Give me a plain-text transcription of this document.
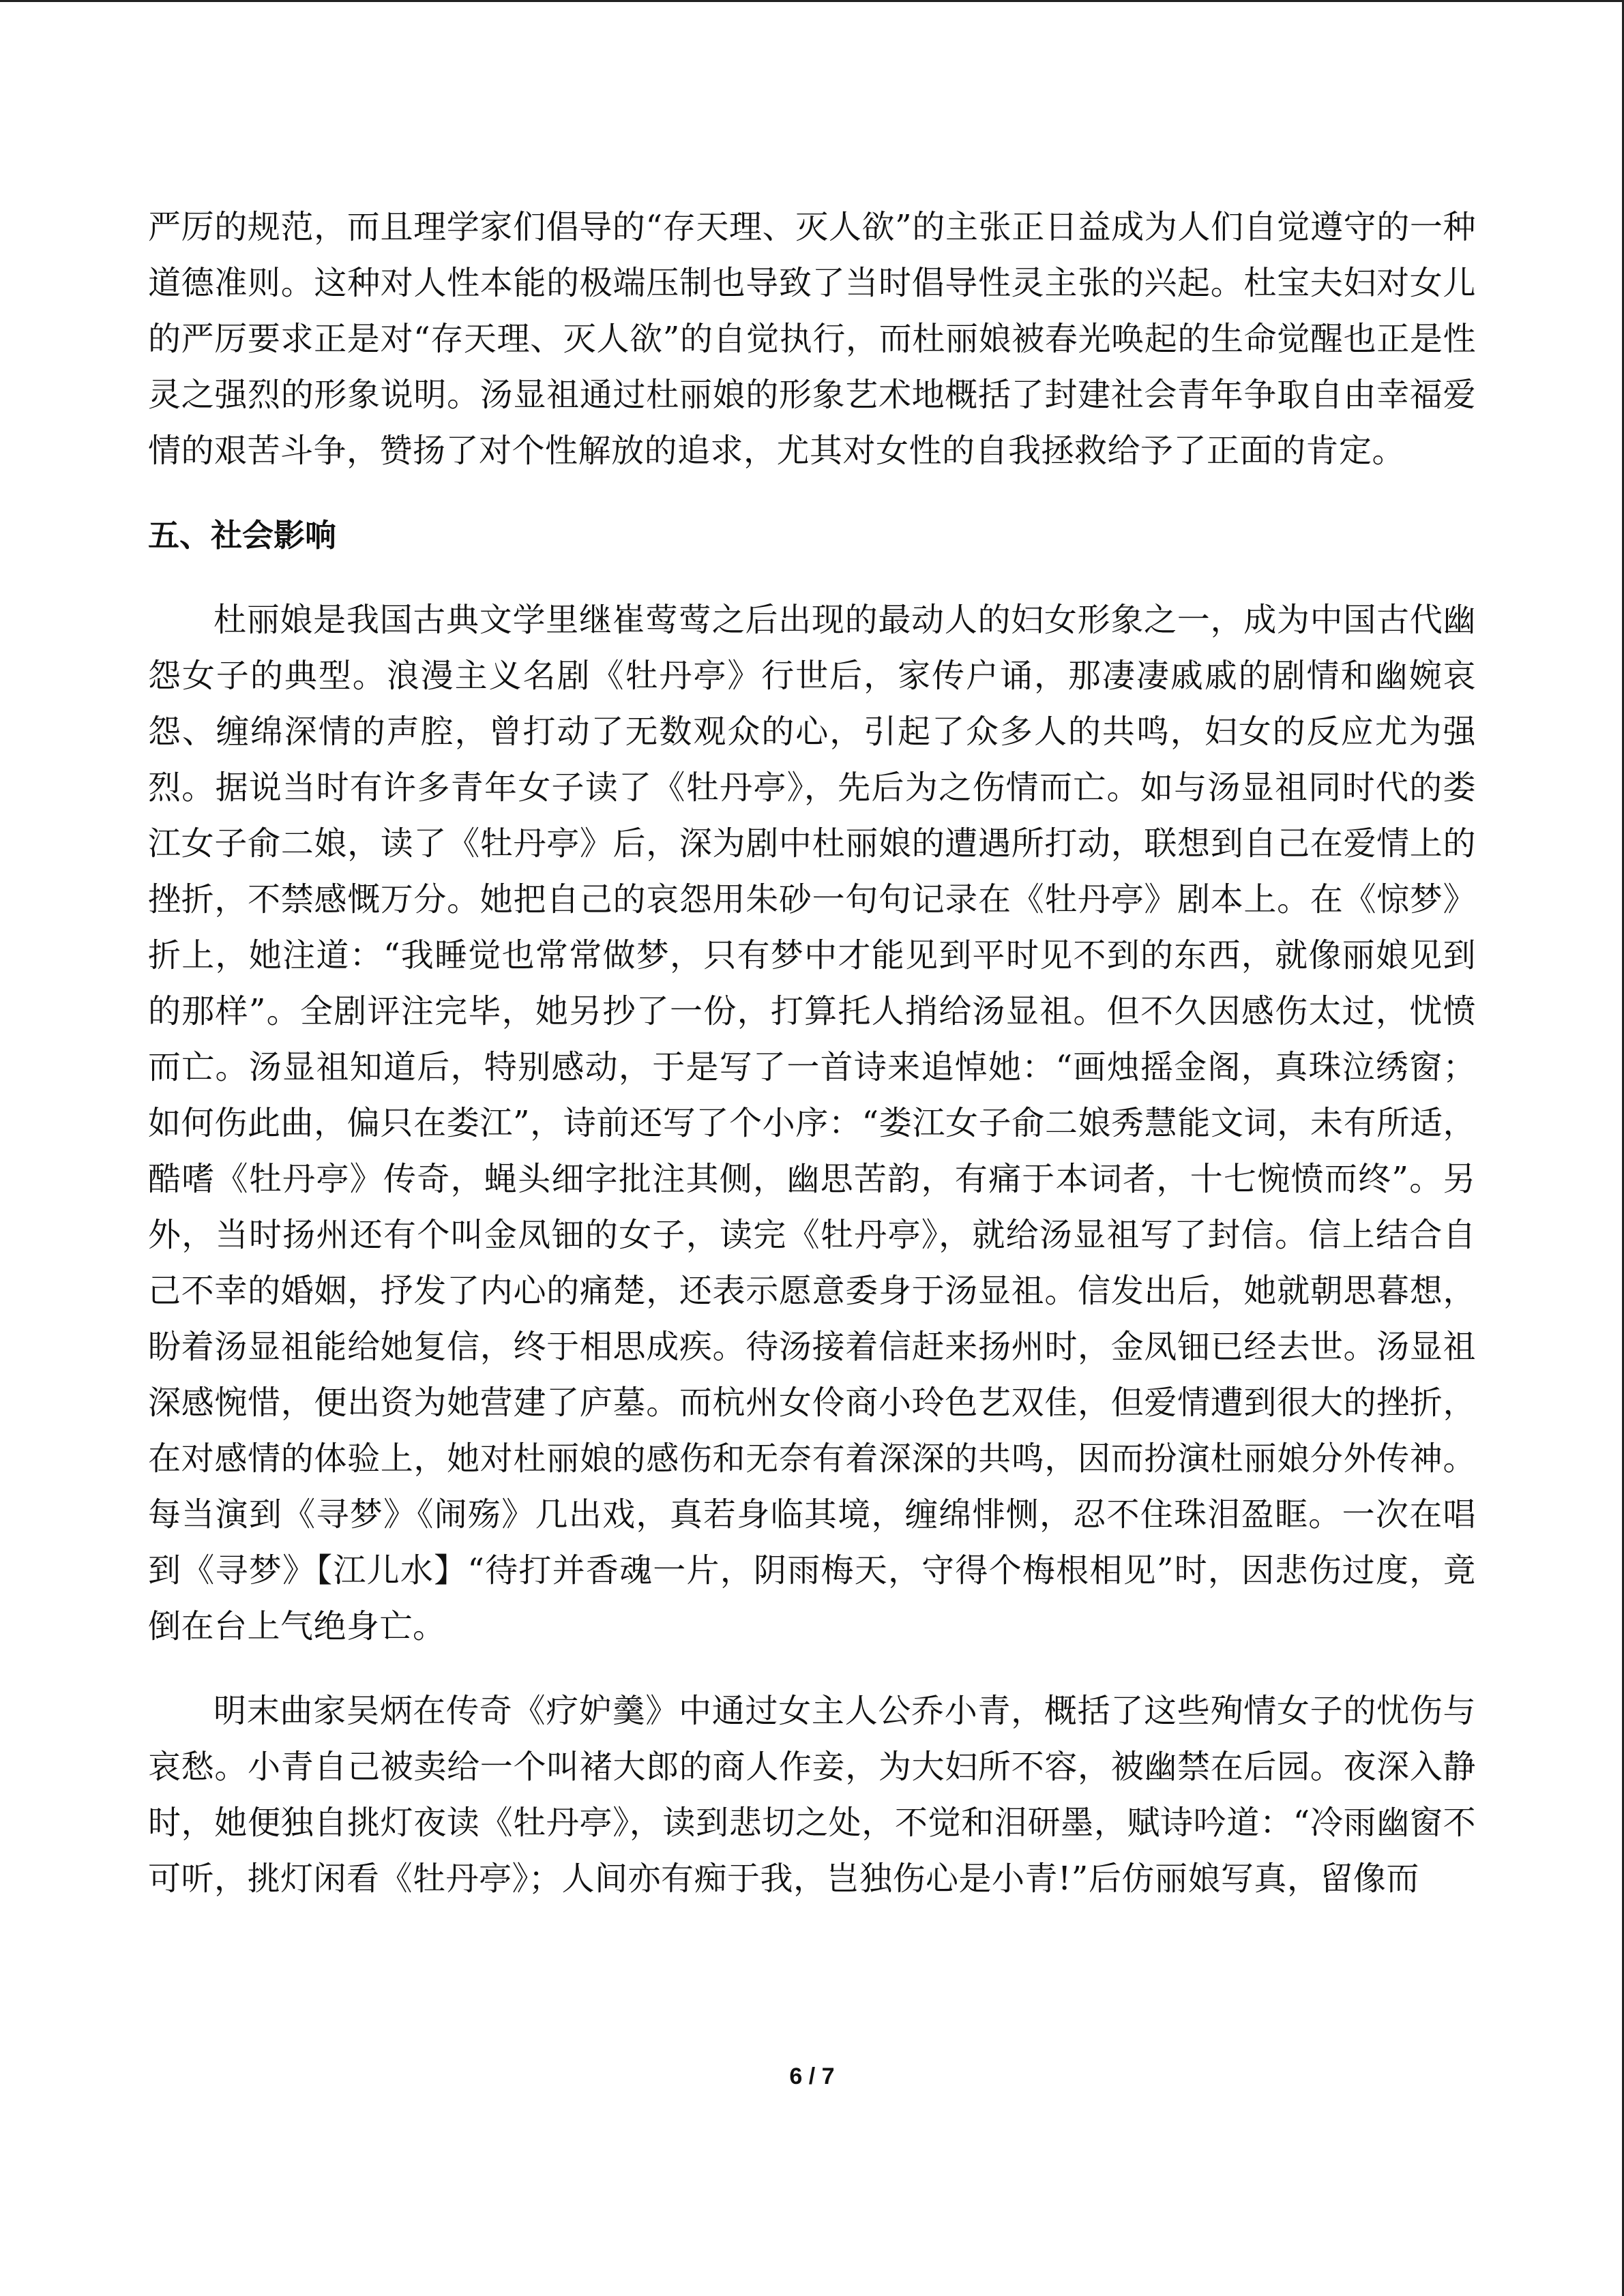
严厉的规范，而且理学家们倡导的“存天理、灭人欲”的主张正日益成为人们自觉遵守的一种道德准则。这种对人性本能的极端压制也导致了当时倡导性灵主张的兴起。杜宝夫妇对女儿的严厉要求正是对“存天理、灭人欲”的自觉执行，而杜丽娘被春光唤起的生命觉醒也正是性灵之强烈的形象说明。汤显祖通过杜丽娘的形象艺术地概括了封建社会青年争取自由幸福爱情的艰苦斗争，赞扬了对个性解放的追求，尤其对女性的自我拯救给予了正面的肯定。

五、社会影响

杜丽娘是我国古典文学里继崔莺莺之后出现的最动人的妇女形象之一，成为中国古代幽怨女子的典型。浪漫主义名剧《牡丹亭》行世后，家传户诵，那凄凄戚戚的剧情和幽婉哀怨、缠绵深情的声腔，曾打动了无数观众的心，引起了众多人的共鸣，妇女的反应尤为强烈。据说当时有许多青年女子读了《牡丹亭》，先后为之伤情而亡。如与汤显祖同时代的娄江女子俞二娘，读了《牡丹亭》后，深为剧中杜丽娘的遭遇所打动，联想到自己在爱情上的挫折，不禁感慨万分。她把自己的哀怨用朱砂一句句记录在《牡丹亭》剧本上。在《惊梦》折上，她注道：“我睡觉也常常做梦，只有梦中才能见到平时见不到的东西，就像丽娘见到的那样”。全剧评注完毕，她另抄了一份，打算托人捎给汤显祖。但不久因感伤太过，忧愤而亡。汤显祖知道后，特别感动，于是写了一首诗来追悼她：“画烛摇金阁，真珠泣绣窗；如何伤此曲，偏只在娄江”，诗前还写了个小序：“娄江女子俞二娘秀慧能文词，未有所适，酷嗜《牡丹亭》传奇，蝇头细字批注其侧，幽思苦韵，有痛于本词者，十七惋愤而终”。另外，当时扬州还有个叫金凤钿的女子，读完《牡丹亭》，就给汤显祖写了封信。信上结合自己不幸的婚姻，抒发了内心的痛楚，还表示愿意委身于汤显祖。信发出后，她就朝思暮想，盼着汤显祖能给她复信，终于相思成疾。待汤接着信赶来扬州时，金凤钿已经去世。汤显祖深感惋惜，便出资为她营建了庐墓。而杭州女伶商小玲色艺双佳，但爱情遭到很大的挫折，在对感情的体验上，她对杜丽娘的感伤和无奈有着深深的共鸣，因而扮演杜丽娘分外传神。每当演到《寻梦》《闹殇》几出戏，真若身临其境，缠绵悱恻，忍不住珠泪盈眶。一次在唱到《寻梦》【江儿水】“待打并香魂一片，阴雨梅天，守得个梅根相见”时，因悲伤过度，竟倒在台上气绝身亡。

明末曲家吴炳在传奇《疗妒羹》中通过女主人公乔小青，概括了这些殉情女子的忧伤与哀愁。小青自己被卖给一个叫褚大郎的商人作妾，为大妇所不容，被幽禁在后园。夜深入静时，她便独自挑灯夜读《牡丹亭》，读到悲切之处，不觉和泪研墨，赋诗吟道：“冷雨幽窗不可听，挑灯闲看《牡丹亭》；人间亦有痴于我，岂独伤心是小青!”后仿丽娘写真，留像而

6 / 7
